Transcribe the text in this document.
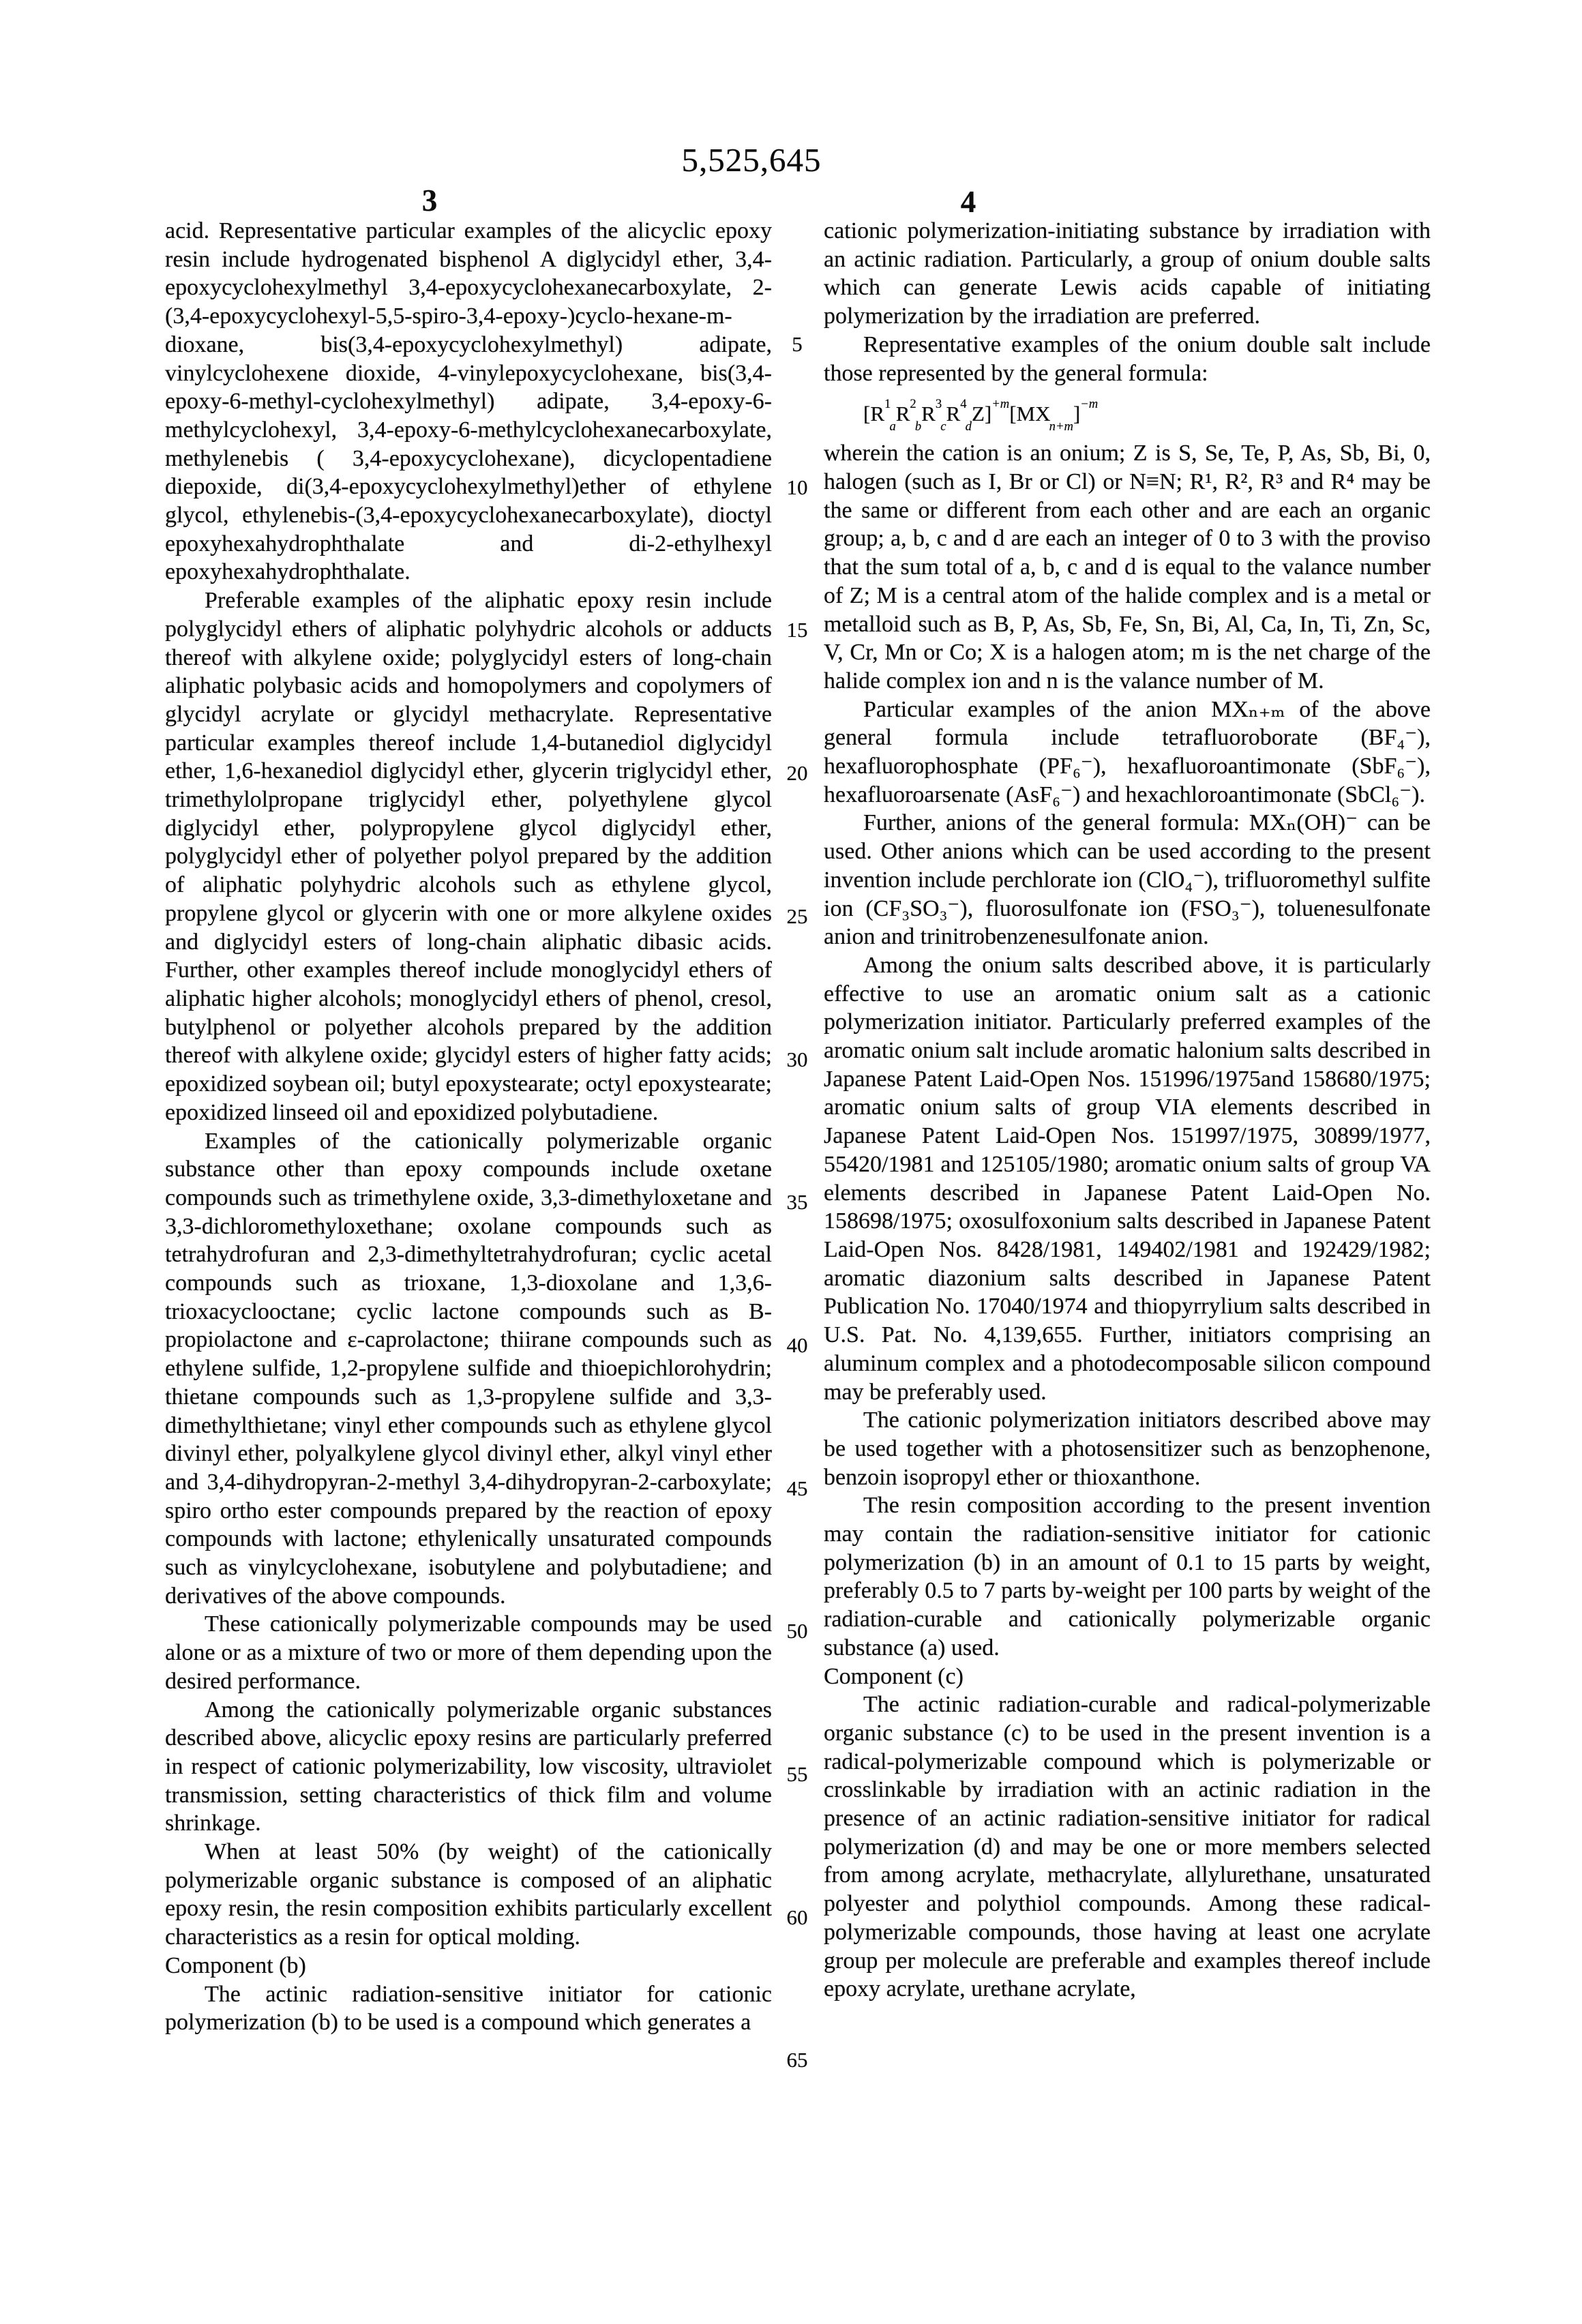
5,525,645
3	4
5
10
15
20
25
30
35
40
45
50
55
60
65

acid. Representative particular examples of the alicyclic epoxy resin include hydrogenated bisphenol A diglycidyl ether, 3,4-epoxycyclohexylmethyl 3,4-epoxycyclohexanecarboxylate, 2-(3,4-epoxycyclohexyl-5,5-spiro-3,4-epoxy-)cyclo-hexane-m-dioxane, bis(3,4-epoxycyclohexylmethyl) adipate, vinylcyclohexene dioxide, 4-vinylepoxycyclohexane, bis(3,4-epoxy-6-methyl-cyclohexylmethyl) adipate, 3,4-epoxy-6-methylcyclohexyl, 3,4-epoxy-6-methylcyclohexanecarboxylate, methylenebis ( 3,4-epoxycyclohexane), dicyclopentadiene diepoxide, di(3,4-epoxycyclohexylmethyl)ether of ethylene glycol, ethylenebis-(3,4-epoxycyclohexanecarboxylate), dioctyl epoxyhexahydrophthalate and di-2-ethylhexyl epoxyhexahydrophthalate.

Preferable examples of the aliphatic epoxy resin include polyglycidyl ethers of aliphatic polyhydric alcohols or adducts thereof with alkylene oxide; polyglycidyl esters of long-chain aliphatic polybasic acids and homopolymers and copolymers of glycidyl acrylate or glycidyl methacrylate. Representative particular examples thereof include 1,4-butanediol diglycidyl ether, 1,6-hexanediol diglycidyl ether, glycerin triglycidyl ether, trimethylolpropane triglycidyl ether, polyethylene glycol diglycidyl ether, polypropylene glycol diglycidyl ether, polyglycidyl ether of polyether polyol prepared by the addition of aliphatic polyhydric alcohols such as ethylene glycol, propylene glycol or glycerin with one or more alkylene oxides and diglycidyl esters of long-chain aliphatic dibasic acids. Further, other examples thereof include monoglycidyl ethers of aliphatic higher alcohols; monoglycidyl ethers of phenol, cresol, butylphenol or polyether alcohols prepared by the addition thereof with alkylene oxide; glycidyl esters of higher fatty acids; epoxidized soybean oil; butyl epoxystearate; octyl epoxystearate; epoxidized linseed oil and epoxidized polybutadiene.

Examples of the cationically polymerizable organic substance other than epoxy compounds include oxetane compounds such as trimethylene oxide, 3,3-dimethyloxetane and 3,3-dichloromethyloxethane; oxolane compounds such as tetrahydrofuran and 2,3-dimethyltetrahydrofuran; cyclic acetal compounds such as trioxane, 1,3-dioxolane and 1,3,6-trioxacyclooctane; cyclic lactone compounds such as B-propiolactone and ε-caprolactone; thiirane compounds such as ethylene sulfide, 1,2-propylene sulfide and thioepichlorohydrin; thietane compounds such as 1,3-propylene sulfide and 3,3-dimethylthietane; vinyl ether compounds such as ethylene glycol divinyl ether, polyalkylene glycol divinyl ether, alkyl vinyl ether and 3,4-dihydropyran-2-methyl 3,4-dihydropyran-2-carboxylate; spiro ortho ester compounds prepared by the reaction of epoxy compounds with lactone; ethylenically unsaturated compounds such as vinylcyclohexane, isobutylene and polybutadiene; and derivatives of the above compounds.

These cationically polymerizable compounds may be used alone or as a mixture of two or more of them depending upon the desired performance.

Among the cationically polymerizable organic substances described above, alicyclic epoxy resins are particularly preferred in respect of cationic polymerizability, low viscosity, ultraviolet transmission, setting characteristics of thick film and volume shrinkage.

When at least 50% (by weight) of the cationically polymerizable organic substance is composed of an aliphatic epoxy resin, the resin composition exhibits particularly excellent characteristics as a resin for optical molding.

Component (b)

The actinic radiation-sensitive initiator for cationic polymerization (b) to be used is a compound which generates a

cationic polymerization-initiating substance by irradiation with an actinic radiation. Particularly, a group of onium double salts which can generate Lewis acids capable of initiating polymerization by the irradiation are preferred.

Representative examples of the onium double salt include those represented by the general formula:

$[R^1_aR^2_bR^3_cR^4_dZ]^{+m}[MX_{n+m}]^{-m}$

wherein the cation is an onium; Z is S, Se, Te, P, As, Sb, Bi, 0, halogen (such as I, Br or Cl) or N≡N; R¹, R², R³ and R⁴ may be the same or different from each other and are each an organic group; a, b, c and d are each an integer of 0 to 3 with the proviso that the sum total of a, b, c and d is equal to the valance number of Z; M is a central atom of the halide complex and is a metal or metalloid such as B, P, As, Sb, Fe, Sn, Bi, Al, Ca, In, Ti, Zn, Sc, V, Cr, Mn or Co; X is a halogen atom; m is the net charge of the halide complex ion and n is the valance number of M.

Particular examples of the anion MXₙ₊ₘ of the above general formula include tetrafluoroborate (BF₄⁻), hexafluorophosphate (PF₆⁻), hexafluoroantimonate (SbF₆⁻), hexafluoroarsenate (AsF₆⁻) and hexachloroantimonate (SbCl₆⁻).

Further, anions of the general formula: MXₙ(OH)⁻ can be used. Other anions which can be used according to the present invention include perchlorate ion (ClO₄⁻), trifluoromethyl sulfite ion (CF₃SO₃⁻), fluorosulfonate ion (FSO₃⁻), toluenesulfonate anion and trinitrobenzenesulfonate anion.

Among the onium salts described above, it is particularly effective to use an aromatic onium salt as a cationic polymerization initiator. Particularly preferred examples of the aromatic onium salt include aromatic halonium salts described in Japanese Patent Laid-Open Nos. 151996/1975and 158680/1975; aromatic onium salts of group VIA elements described in Japanese Patent Laid-Open Nos. 151997/1975, 30899/1977, 55420/1981 and 125105/1980; aromatic onium salts of group VA elements described in Japanese Patent Laid-Open No. 158698/1975; oxosulfoxonium salts described in Japanese Patent Laid-Open Nos. 8428/1981, 149402/1981 and 192429/1982; aromatic diazonium salts described in Japanese Patent Publication No. 17040/1974 and thiopyrrylium salts described in U.S. Pat. No. 4,139,655. Further, initiators comprising an aluminum complex and a photodecomposable silicon compound may be preferably used.

The cationic polymerization initiators described above may be used together with a photosensitizer such as benzophenone, benzoin isopropyl ether or thioxanthone.

The resin composition according to the present invention may contain the radiation-sensitive initiator for cationic polymerization (b) in an amount of 0.1 to 15 parts by weight, preferably 0.5 to 7 parts by-weight per 100 parts by weight of the radiation-curable and cationically polymerizable organic substance (a) used.

Component (c)

The actinic radiation-curable and radical-polymerizable organic substance (c) to be used in the present invention is a radical-polymerizable compound which is polymerizable or crosslinkable by irradiation with an actinic radiation in the presence of an actinic radiation-sensitive initiator for radical polymerization (d) and may be one or more members selected from among acrylate, methacrylate, allylurethane, unsaturated polyester and polythiol compounds. Among these radical-polymerizable compounds, those having at least one acrylate group per molecule are preferable and examples thereof include epoxy acrylate, urethane acrylate,
